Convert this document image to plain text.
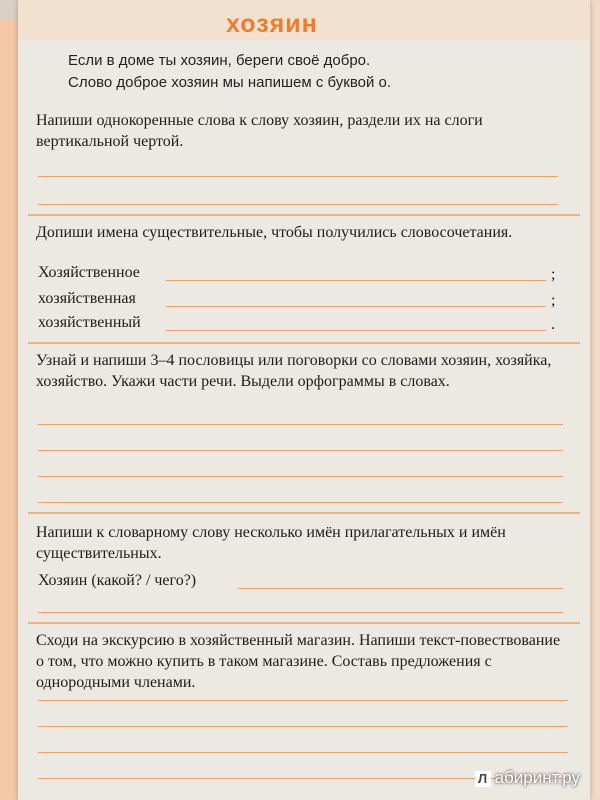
хозяин
Если в доме ты хозяин, береги своё добро.
Слово доброе хозяин мы напишем с буквой о.
Напиши однокоренные слова к слову хозяин, раздели их на слоги вертикальной чертой.
Допиши имена существительные, чтобы получились словосочетания.
Хозяйственное	;
хозяйственная	;
хозяйственный	.
Узнай и напиши 3–4 пословицы или поговорки со словами хозяин, хозяйка, хозяйство. Укажи части речи. Выдели орфограммы в словах.
Напиши к словарному слову несколько имён прилагательных и имён существительных.
Хозяин (какой? / чего?)
Сходи на экскурсию в хозяйственный магазин. Напиши текст-повествование о том, что можно купить в таком магазине. Составь предложения с однородными членами.
Л абиринт.ру
